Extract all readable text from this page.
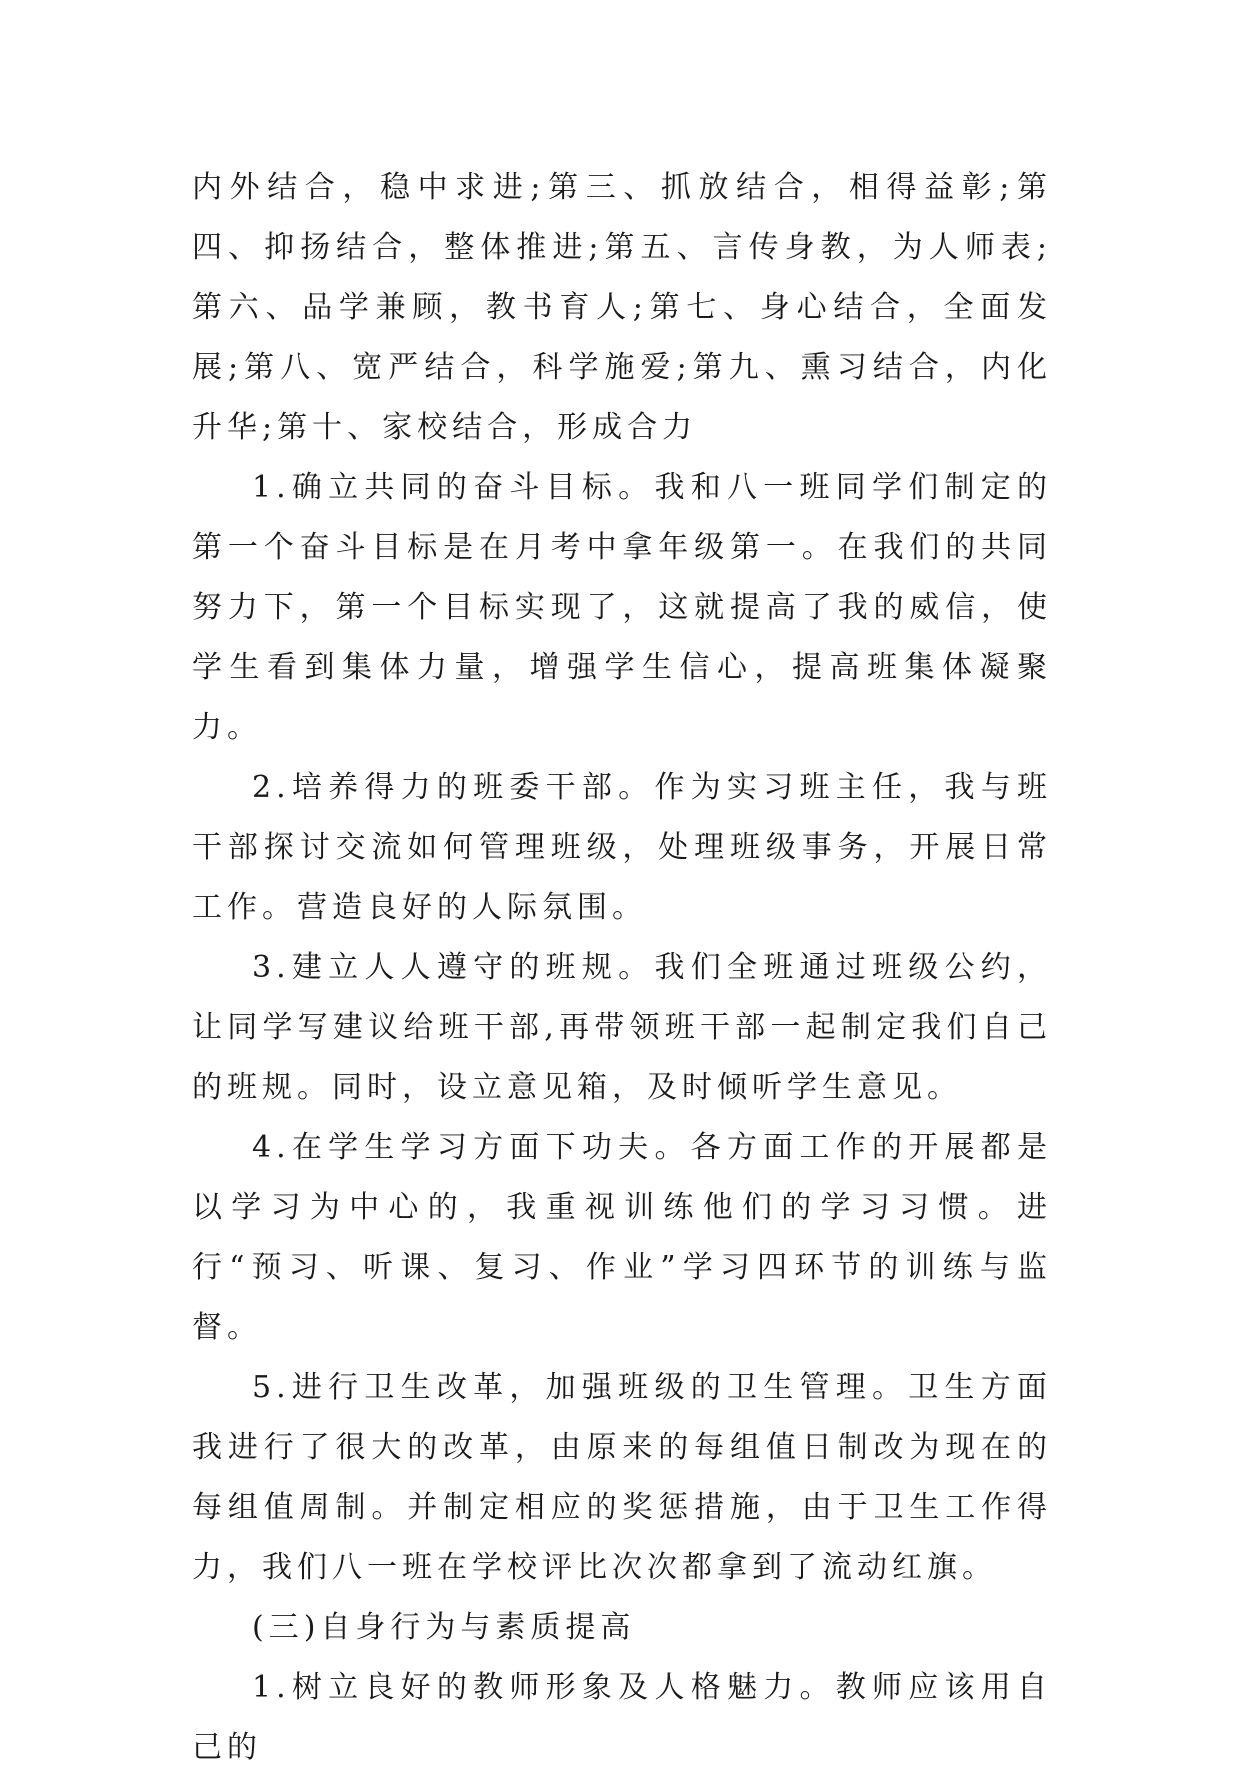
内外结合，稳中求进;第三、抓放结合，相得益彰;第四、抑扬结合，整体推进;第五、言传身教，为人师表;第六、品学兼顾，教书育人;第七、身心结合，全面发展;第八、宽严结合，科学施爱;第九、熏习结合，内化升华;第十、家校结合，形成合力

1.确立共同的奋斗目标。我和八一班同学们制定的第一个奋斗目标是在月考中拿年级第一。在我们的共同努力下，第一个目标实现了，这就提高了我的威信，使学生看到集体力量，增强学生信心，提高班集体凝聚力。

2.培养得力的班委干部。作为实习班主任，我与班干部探讨交流如何管理班级，处理班级事务，开展日常工作。营造良好的人际氛围。

3.建立人人遵守的班规。我们全班通过班级公约，让同学写建议给班干部,再带领班干部一起制定我们自己的班规。同时，设立意见箱，及时倾听学生意见。

4.在学生学习方面下功夫。各方面工作的开展都是以学习为中心的，我重视训练他们的学习习惯。进行“预习、听课、复习、作业”学习四环节的训练与监督。

5.进行卫生改革，加强班级的卫生管理。卫生方面我进行了很大的改革，由原来的每组值日制改为现在的每组值周制。并制定相应的奖惩措施，由于卫生工作得力，我们八一班在学校评比次次都拿到了流动红旗。

(三)自身行为与素质提高

1.树立良好的教师形象及人格魅力。教师应该用自己的
